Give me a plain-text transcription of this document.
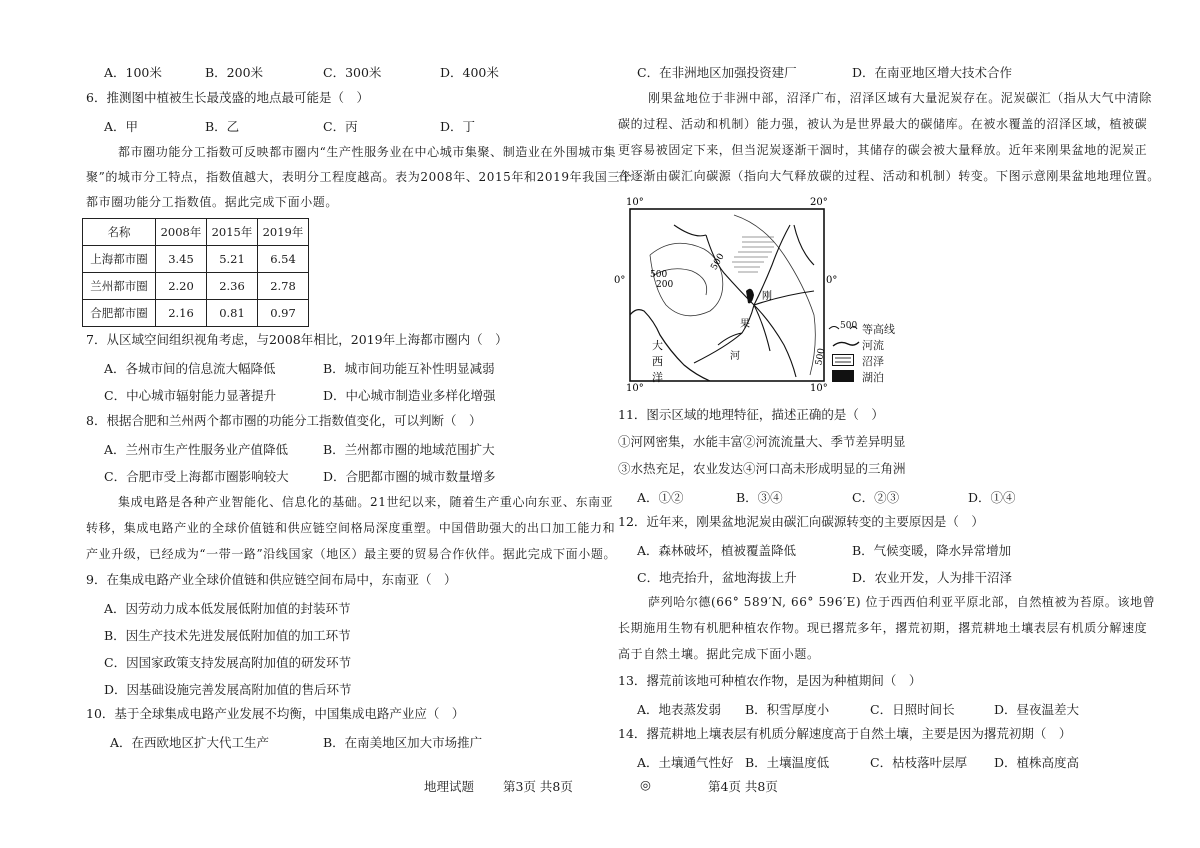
A．100米	B．200米	C．300米	D．400米
6．推测图中植被生长最茂盛的地点最可能是（　）
A．甲	B．乙	C．丙	D．丁
都市圈功能分工指数可反映都市圈内“生产性服务业在中心城市集聚、制造业在外围城市集
聚”的城市分工特点，指数值越大，表明分工程度越高。表为2008年、2015年和2019年我国三个
都市圈功能分工指数值。据此完成下面小题。
名称	2008年	2015年	2019年
上海都市圈	3.45	5.21	6.54
兰州都市圈	2.20	2.36	2.78
合肥都市圈	2.16	0.81	0.97
7．从区域空间组织视角考虑，与2008年相比，2019年上海都市圈内（　）
A．各城市间的信息流大幅降低	B．城市间功能互补性明显减弱
C．中心城市辐射能力显著提升	D．中心城市制造业多样化增强
8．根据合肥和兰州两个都市圈的功能分工指数值变化，可以判断（　）
A．兰州市生产性服务业产值降低	B．兰州都市圈的地域范围扩大
C．合肥市受上海都市圈影响较大	D．合肥都市圈的城市数量增多
集成电路是各种产业智能化、信息化的基础。21世纪以来，随着生产重心向东亚、东南亚
转移，集成电路产业的全球价值链和供应链空间格局深度重塑。中国借助强大的出口加工能力和
产业升级，已经成为“一带一路”沿线国家（地区）最主要的贸易合作伙伴。据此完成下面小题。
9．在集成电路产业全球价值链和供应链空间布局中，东南亚（　）
A．因劳动力成本低发展低附加值的封装环节
B．因生产技术先进发展低附加值的加工环节
C．因国家政策支持发展高附加值的研发环节
D．因基础设施完善发展高附加值的售后环节
10．基于全球集成电路产业发展不均衡，中国集成电路产业应（　）
A．在西欧地区扩大代工生产	B．在南美地区加大市场推广
C．在非洲地区加强投资建厂	D．在南亚地区增大技术合作
刚果盆地位于非洲中部，沼泽广布，沼泽区域有大量泥炭存在。泥炭碳汇（指从大气中清除
碳的过程、活动和机制）能力强，被认为是世界最大的碳储库。在被水覆盖的沼泽区域，植被碳
更容易被固定下来，但当泥炭逐渐干涸时，其储存的碳会被大量释放。近年来刚果盆地的泥炭正
在逐渐由碳汇向碳源（指向大气释放碳的过程、活动和机制）转变。下图示意刚果盆地地理位置。
10°	20°
0°	0°
10°	10°
500
200
500
500
大
西
洋
刚
果
河
500 等高线
河流
沼泽
湖泊
11．图示区域的地理特征，描述正确的是（　）
①河网密集，水能丰富②河流流量大、季节差异明显
③水热充足，农业发达④河口高未形成明显的三角洲
A．①②	B．③④	C．②③	D．①④
12．近年来，刚果盆地泥炭由碳汇向碳源转变的主要原因是（　）
A．森林破坏，植被覆盖降低	B．气候变暖，降水异常增加
C．地壳抬升，盆地海拔上升	D．农业开发，人为排干沼泽
萨列哈尔德(66° 589′N, 66° 596′E) 位于西西伯利亚平原北部，自然植被为苔原。该地曾
长期施用生物有机肥种植农作物。现已撂荒多年，撂荒初期，撂荒耕地土壤表层有机质分解速度
高于自然土壤。据此完成下面小题。
13．撂荒前该地可种植农作物，是因为种植期间（　）
A．地表蒸发弱 B．积雪厚度小	C．日照时间长	D．昼夜温差大
14．撂荒耕地上壤表层有机质分解速度高于自然土壤，主要是因为撂荒初期（　）
A．土壤通气性好 B．土壤温度低	C．枯枝落叶层厚 D．植株高度高
地理试题 第3页 共8页	◎	第4页 共8页
